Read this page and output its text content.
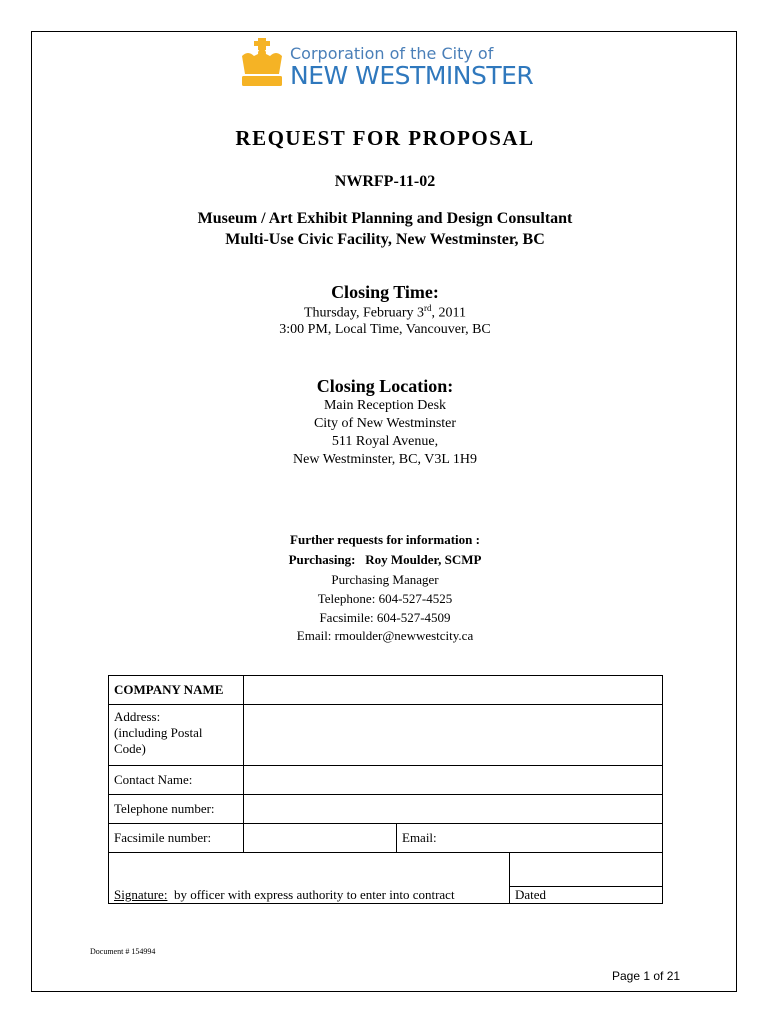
Corporation of the City of
NEW WESTMINSTER
REQUEST FOR PROPOSAL
NWRFP-11-02
Museum / Art Exhibit Planning and Design Consultant
Multi-Use Civic Facility, New Westminster, BC
Closing Time:
Thursday, February 3rd, 2011
3:00 PM, Local Time, Vancouver, BC
Closing Location:
Main Reception Desk
City of New Westminster
511 Royal Avenue,
New Westminster, BC, V3L 1H9
Further requests for information :
Purchasing:   Roy Moulder, SCMP
Purchasing Manager
Telephone: 604-527-4525
Facsimile: 604-527-4509
Email: rmoulder@newwestcity.ca
COMPANY NAME			

Address:
(including Postal
Code)			

Contact Name:			
Telephone number:			
Facsimile number:		Email:	

Signature:  by officer with express authority to enter into contract			Dated
Document # 154994
Page 1 of 21
